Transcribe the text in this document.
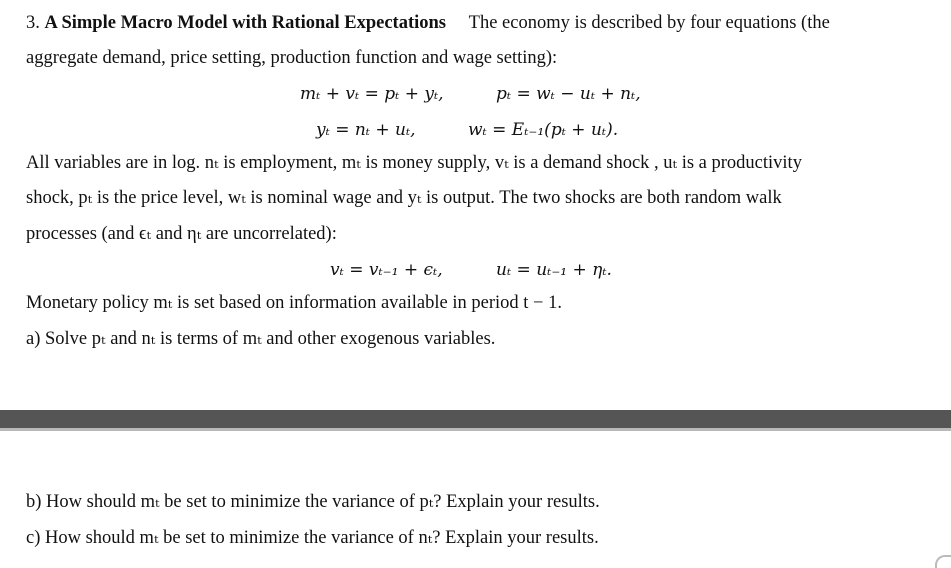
3. A Simple Macro Model with Rational Expectations The economy is described by four equations (the
aggregate demand, price setting, production function and wage setting):
mₜ + vₜ = pₜ + yₜ,	pₜ = wₜ − uₜ + nₜ,
yₜ = nₜ + uₜ,	wₜ = Eₜ₋₁(pₜ + uₜ).
All variables are in log. nₜ is employment, mₜ is money supply, vₜ is a demand shock , uₜ is a productivity
shock, pₜ is the price level, wₜ is nominal wage and yₜ is output. The two shocks are both random walk
processes (and ϵₜ and ηₜ are uncorrelated):
vₜ = vₜ₋₁ + ϵₜ,	uₜ = uₜ₋₁ + ηₜ.
Monetary policy mₜ is set based on information available in period t − 1.
a) Solve pₜ and nₜ is terms of mₜ and other exogenous variables.
b) How should mₜ be set to minimize the variance of pₜ? Explain your results.
c) How should mₜ be set to minimize the variance of nₜ? Explain your results.
